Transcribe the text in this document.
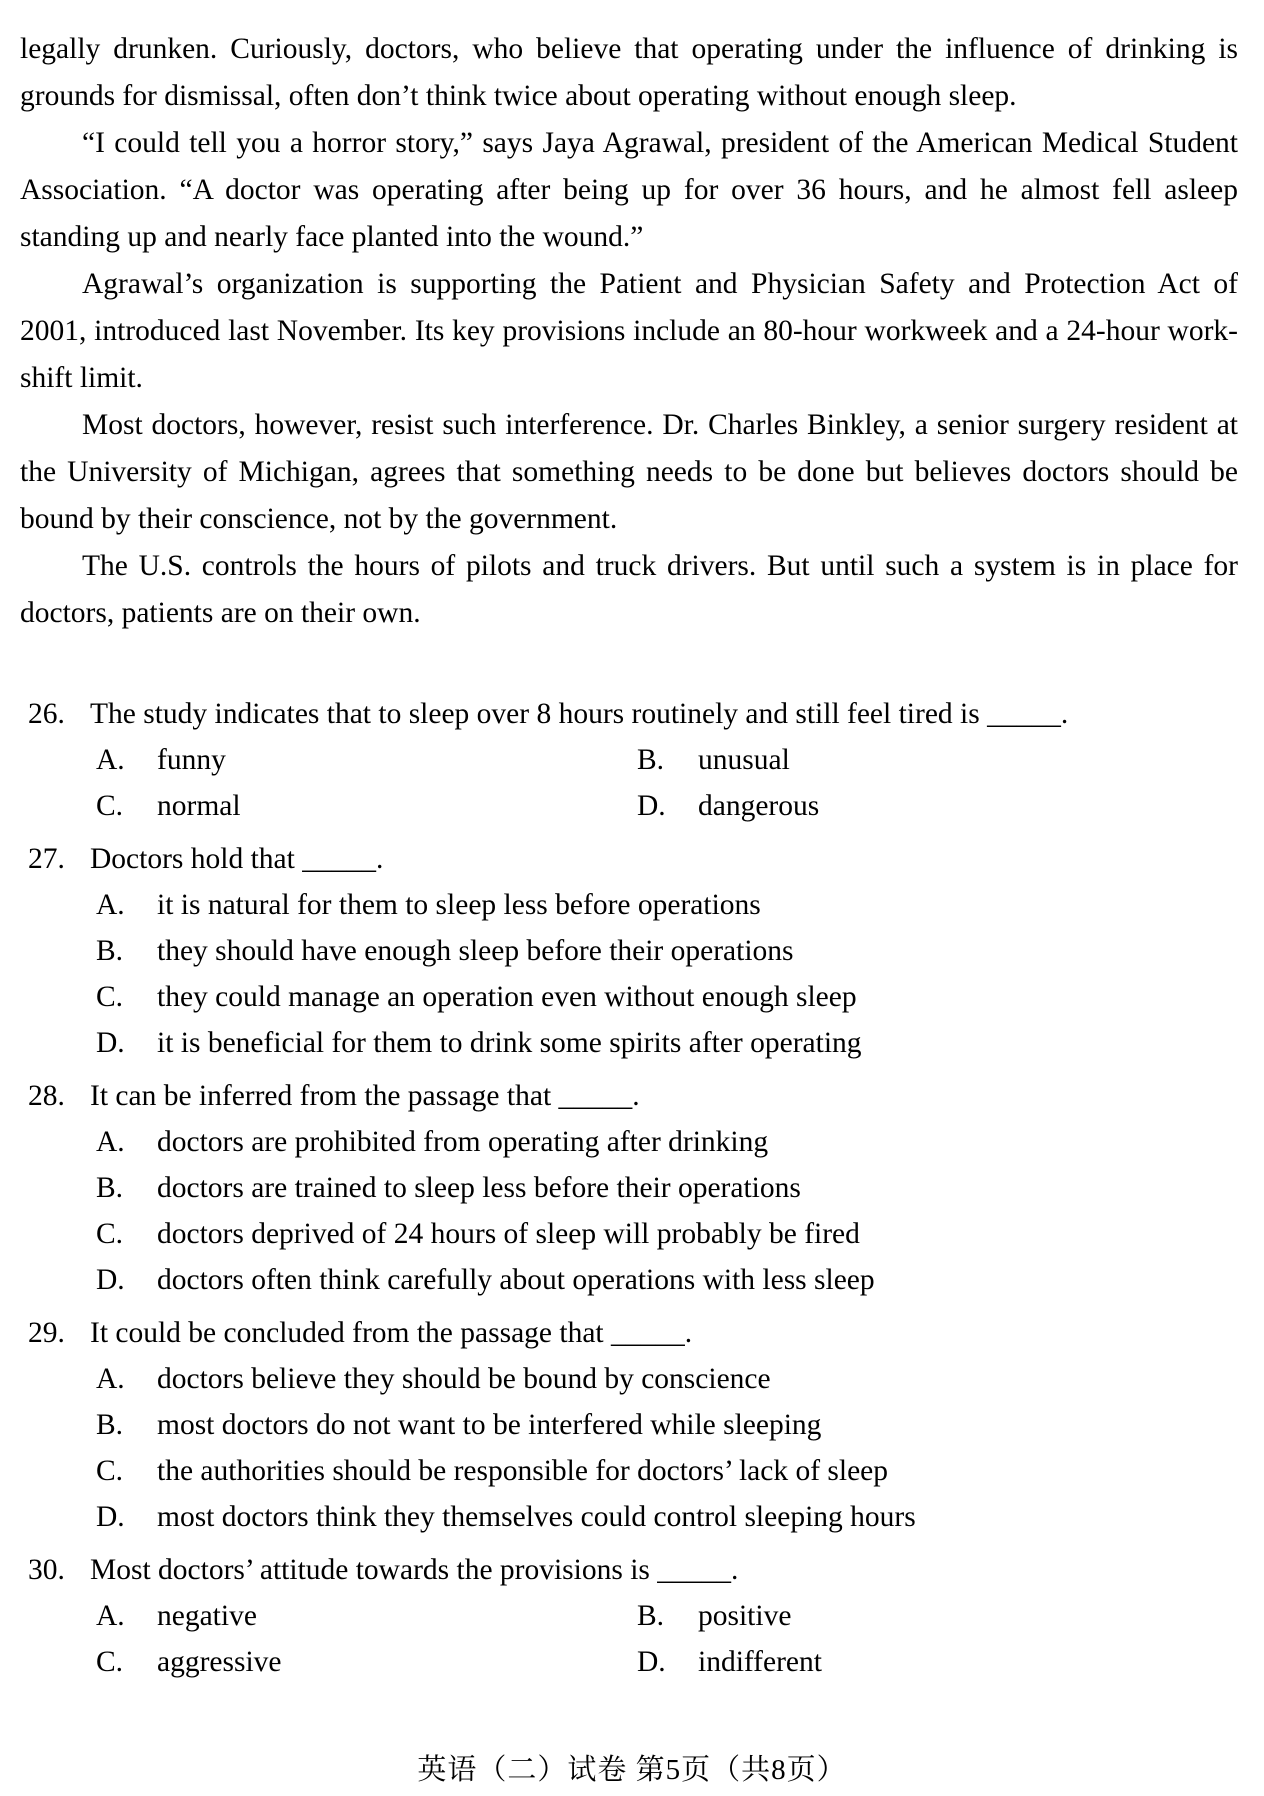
legally drunken. Curiously, doctors, who believe that operating under the influence of drinking is grounds for dismissal, often don’t think twice about operating without enough sleep.

“I could tell you a horror story,” says Jaya Agrawal, president of the American Medical Student Association. “A doctor was operating after being up for over 36 hours, and he almost fell asleep standing up and nearly face planted into the wound.”

Agrawal’s organization is supporting the Patient and Physician Safety and Protection Act of 2001, introduced last November. Its key provisions include an 80-hour workweek and a 24-hour work-shift limit.

Most doctors, however, resist such interference. Dr. Charles Binkley, a senior surgery resident at the University of Michigan, agrees that something needs to be done but believes doctors should be bound by their conscience, not by the government.

The U.S. controls the hours of pilots and truck drivers. But until such a system is in place for doctors, patients are on their own.

26. The study indicates that to sleep over 8 hours routinely and still feel tired is _____.
A. funny	B. unusual
C. normal	D. dangerous
27. Doctors hold that _____.
A. it is natural for them to sleep less before operations
B. they should have enough sleep before their operations
C. they could manage an operation even without enough sleep
D. it is beneficial for them to drink some spirits after operating
28. It can be inferred from the passage that _____.
A. doctors are prohibited from operating after drinking
B. doctors are trained to sleep less before their operations
C. doctors deprived of 24 hours of sleep will probably be fired
D. doctors often think carefully about operations with less sleep
29. It could be concluded from the passage that _____.
A. doctors believe they should be bound by conscience
B. most doctors do not want to be interfered while sleeping
C. the authorities should be responsible for doctors’ lack of sleep
D. most doctors think they themselves could control sleeping hours
30. Most doctors’ attitude towards the provisions is _____.
A. negative	B. positive
C. aggressive	D. indifferent
英语（二）试卷 第5页（共8页）
